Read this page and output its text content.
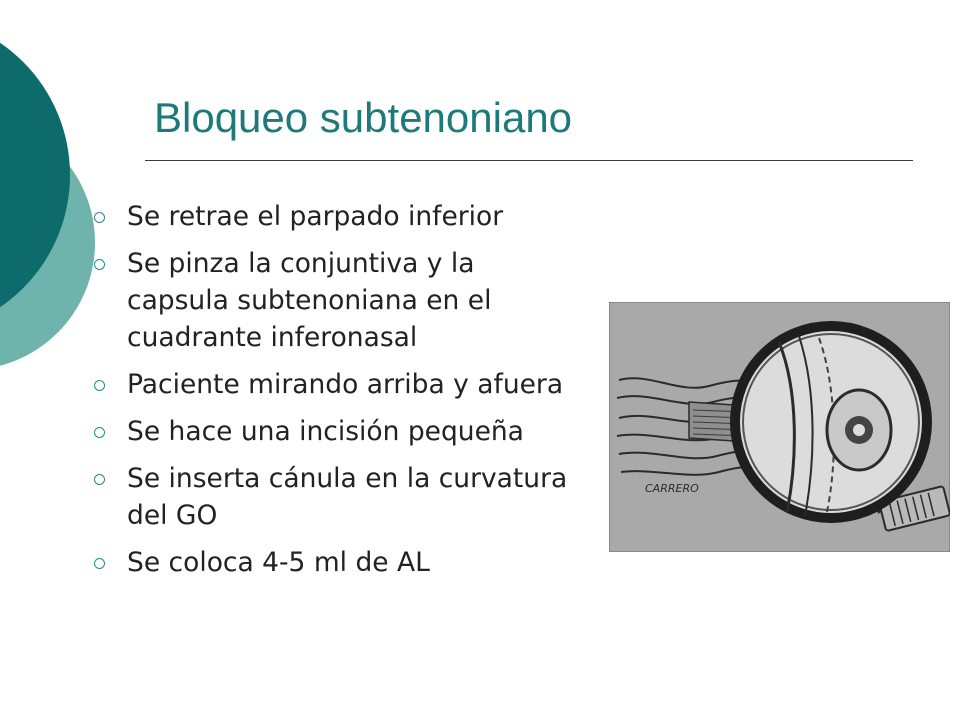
Bloqueo subtenoniano
Se retrae el parpado inferior
Se pinza la conjuntiva y la capsula subtenoniana en el cuadrante inferonasal
Paciente mirando arriba y afuera
Se hace una incisión pequeña
Se inserta cánula en la curvatura del GO
Se coloca 4-5 ml de AL
CARRERO
